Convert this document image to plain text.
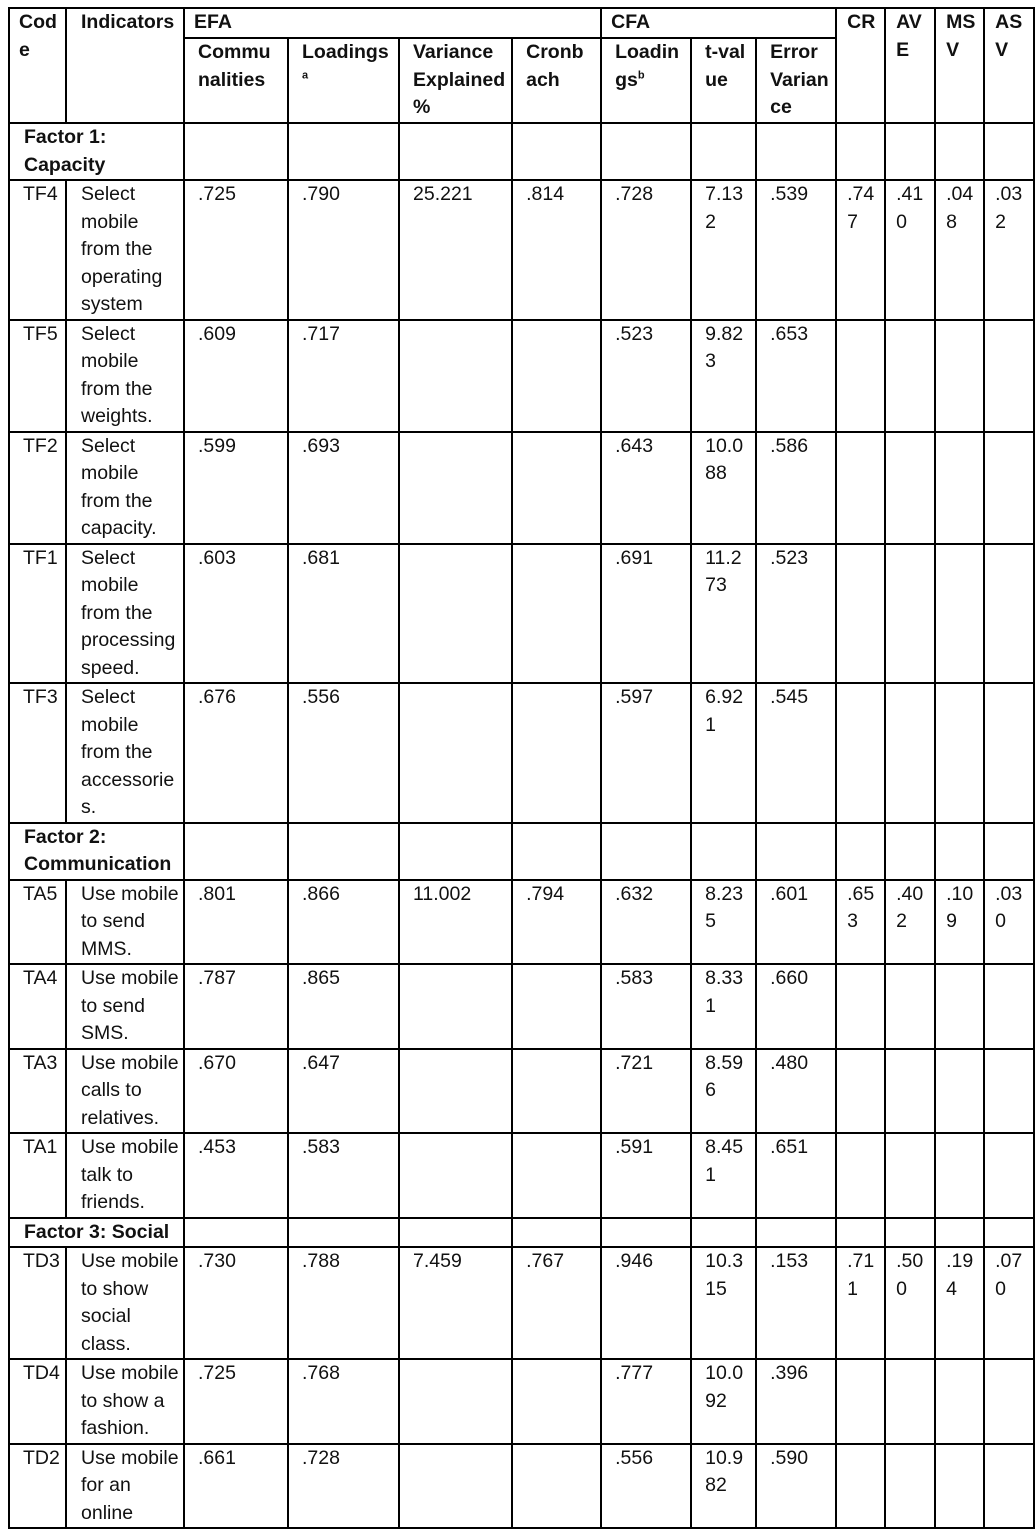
Code	Indicators	EFA				CFA			CR	AVE	MSV	ASV
		Communalities	Loadings$^a$	Variance Explained %	Cronbach	Loadings$^b$	t-value	Error Variance				
Factor 1: Capacity												
TF4	Select mobile from the operating system	.725	.790	25.221	.814	.728	7.132	.539	.747	.410	.048	.032
TF5	Select mobile from the weights.	.609	.717			.523	9.823	.653				
TF2	Select mobile from the capacity.	.599	.693			.643	10.088	.586				
TF1	Select mobile from the processing speed.	.603	.681			.691	11.273	.523				
TF3	Select mobile from the accessories.	.676	.556			.597	6.921	.545				
Factor 2: Communication												
TA5	Use mobile to send MMS.	.801	.866	11.002	.794	.632	8.235	.601	.653	.402	.109	.030
TA4	Use mobile to send SMS.	.787	.865			.583	8.331	.660				
TA3	Use mobile calls to relatives.	.670	.647			.721	8.596	.480				
TA1	Use mobile talk to friends.	.453	.583			.591	8.451	.651				
Factor 3: Social												
TD3	Use mobile to show social class.	.730	.788	7.459	.767	.946	10.315	.153	.711	.500	.194	.070
TD4	Use mobile to show a fashion.	.725	.768			.777	10.092	.396				
TD2	Use mobile for an online	.661	.728			.556	10.982	.590				
